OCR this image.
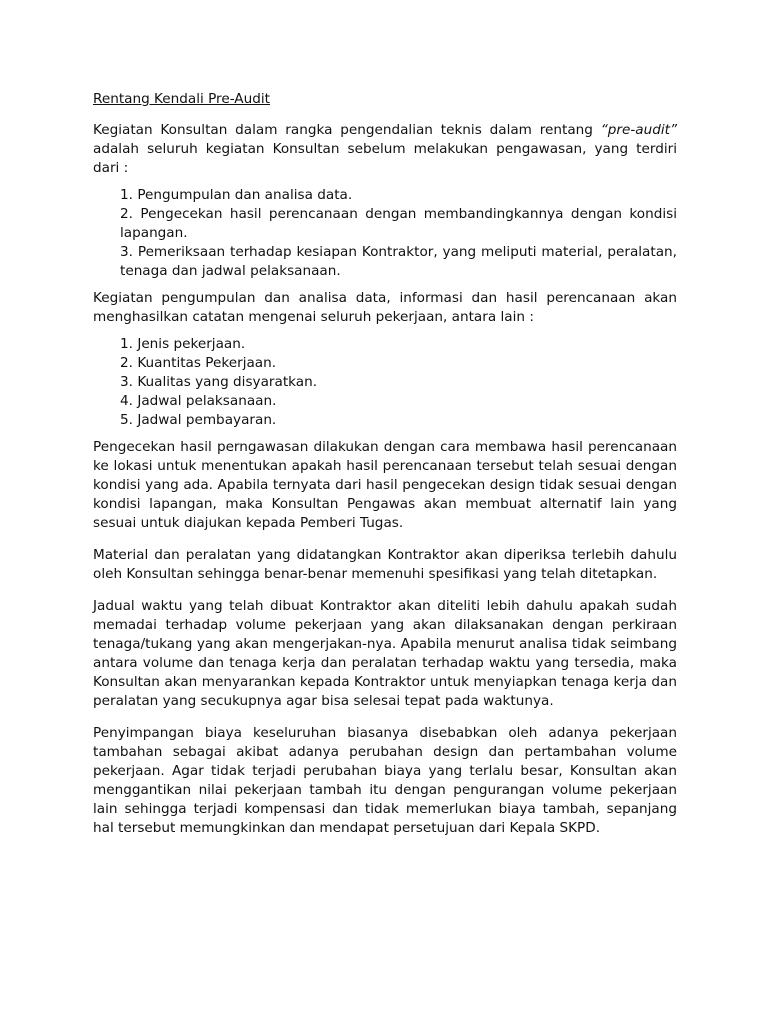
Rentang Kendali Pre-Audit

Kegiatan Konsultan dalam rangka pengendalian teknis dalam rentang “pre-audit” adalah seluruh kegiatan Konsultan sebelum melakukan pengawasan, yang terdiri dari :

1. Pengumpulan dan analisa data.
2. Pengecekan hasil perencanaan dengan membandingkannya dengan kondisi lapangan.
3. Pemeriksaan terhadap kesiapan Kontraktor, yang meliputi material, peralatan, tenaga dan jadwal pelaksanaan.

Kegiatan pengumpulan dan analisa data, informasi dan hasil perencanaan akan menghasilkan catatan mengenai seluruh pekerjaan, antara lain :

1. Jenis pekerjaan.
2. Kuantitas Pekerjaan.
3. Kualitas yang disyaratkan.
4. Jadwal pelaksanaan.
5. Jadwal pembayaran.

Pengecekan hasil perngawasan dilakukan dengan cara membawa hasil perencanaan ke lokasi untuk menentukan apakah hasil perencanaan tersebut telah sesuai dengan kondisi yang ada. Apabila ternyata dari hasil pengecekan design tidak sesuai dengan kondisi lapangan, maka Konsultan Pengawas akan membuat alternatif lain yang sesuai untuk diajukan kepada Pemberi Tugas.

Material dan peralatan yang didatangkan Kontraktor akan diperiksa terlebih dahulu oleh Konsultan sehingga benar-benar memenuhi spesifikasi yang telah ditetapkan.

Jadual waktu yang telah dibuat Kontraktor akan diteliti lebih dahulu apakah sudah memadai terhadap volume pekerjaan yang akan dilaksanakan dengan perkiraan tenaga/tukang yang akan mengerjakan-nya. Apabila menurut analisa tidak seimbang antara volume dan tenaga kerja dan peralatan terhadap waktu yang tersedia, maka Konsultan akan menyarankan kepada Kontraktor untuk menyiapkan tenaga kerja dan peralatan yang secukupnya agar bisa selesai tepat pada waktunya.

Penyimpangan biaya keseluruhan biasanya disebabkan oleh adanya pekerjaan tambahan sebagai akibat adanya perubahan design dan pertambahan volume pekerjaan. Agar tidak terjadi perubahan biaya yang terlalu besar, Konsultan akan menggantikan nilai pekerjaan tambah itu dengan pengurangan volume pekerjaan lain sehingga terjadi kompensasi dan tidak memerlukan biaya tambah, sepanjang hal tersebut memungkinkan dan mendapat persetujuan dari Kepala SKPD.
